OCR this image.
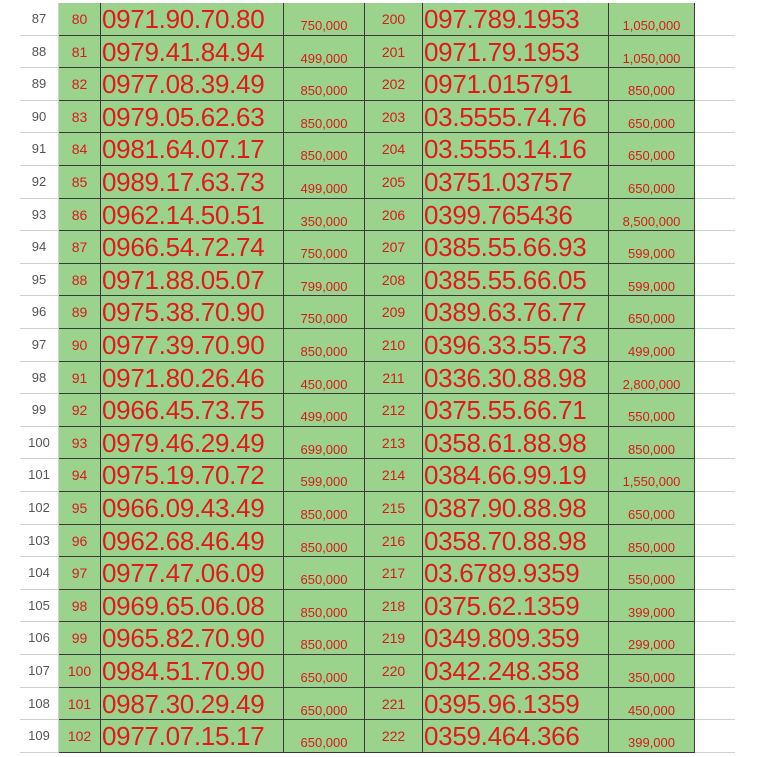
87	80 0971.90.70.80	750,000	200 097.789.1953	1,050,000
88	81 0979.41.84.94	499,000	201 0971.79.1953	1,050,000
89	82 0977.08.39.49	850,000	202 0971.015791	850,000
90	83 0979.05.62.63	850,000	203 03.5555.74.76	650,000
91	84 0981.64.07.17	850,000	204 03.5555.14.16	650,000
92	85 0989.17.63.73	499,000	205 03751.03757	650,000
93	86 0962.14.50.51	350,000	206 0399.765436	8,500,000
94	87 0966.54.72.74	750,000	207 0385.55.66.93	599,000
95	88 0971.88.05.07	799,000	208 0385.55.66.05	599,000
96	89 0975.38.70.90	750,000	209 0389.63.76.77	650,000
97	90 0977.39.70.90	850,000	210 0396.33.55.73	499,000
98	91 0971.80.26.46	450,000	211 0336.30.88.98	2,800,000
99	92 0966.45.73.75	499,000	212 0375.55.66.71	550,000
100	93 0979.46.29.49	699,000	213 0358.61.88.98	850,000
101	94 0975.19.70.72	599,000	214 0384.66.99.19	1,550,000
102	95 0966.09.43.49	850,000	215 0387.90.88.98	650,000
103	96 0962.68.46.49	850,000	216 0358.70.88.98	850,000
104	97 0977.47.06.09	650,000	217 03.6789.9359	550,000
105	98 0969.65.06.08	850,000	218 0375.62.1359	399,000
106	99 0965.82.70.90	850,000	219 0349.809.359	299,000
107	100 0984.51.70.90	650,000	220 0342.248.358	350,000
108	101 0987.30.29.49	650,000	221 0395.96.1359	450,000
109	102 0977.07.15.17	650,000	222 0359.464.366	399,000
